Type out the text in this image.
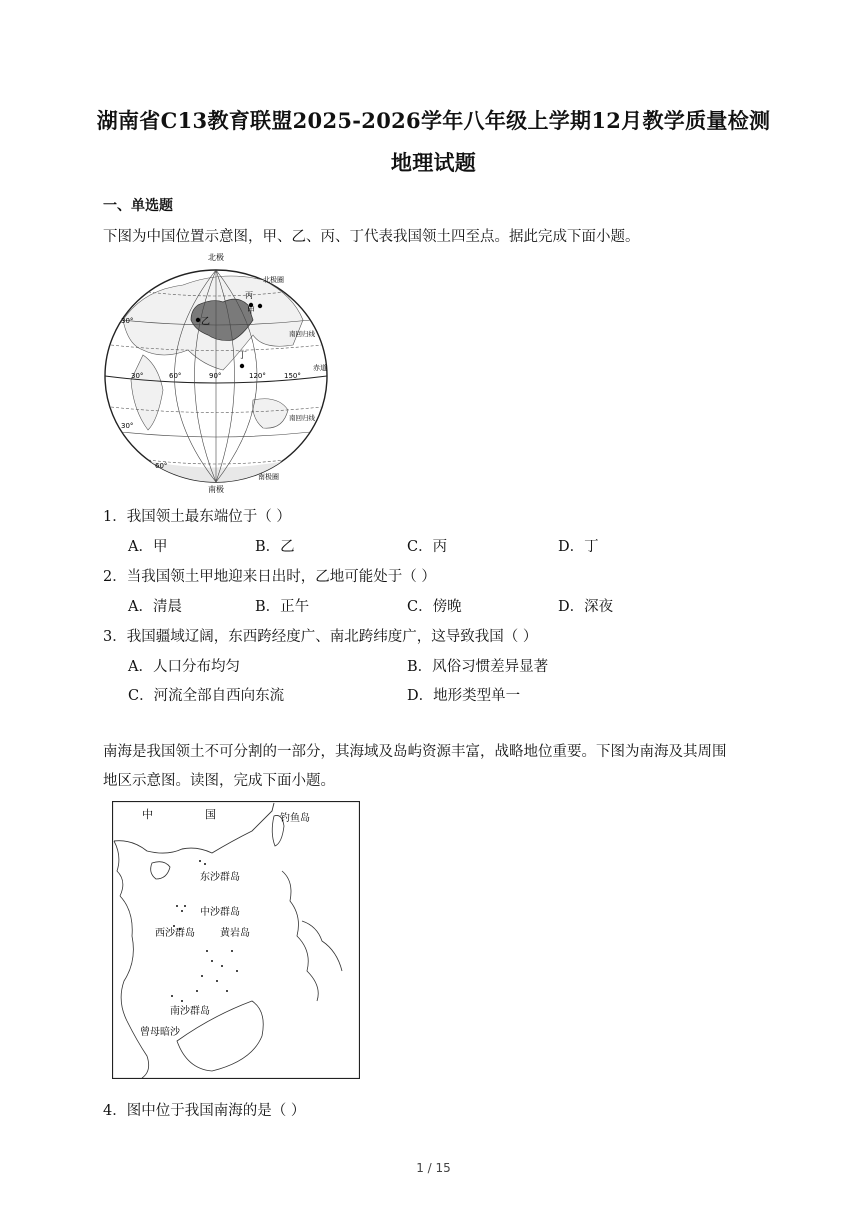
湖南省C13教育联盟2025-2026学年八年级上学期12月教学质量检测
地理试题
一、单选题
下图为中国位置示意图，甲、乙、丙、丁代表我国领土四至点。据此完成下面小题。
北极
南极
北极圈
南极圈
南回归线
赤道
南回归线
乙
甲
丙
丁
30°
30°
60°
30°	60°	90°	120°	150°
1．我国领土最东端位于（ ）
A．甲	B．乙	C．丙	D．丁
2．当我国领土甲地迎来日出时，乙地可能处于（ ）
A．清晨	B．正午	C．傍晚	D．深夜
3．我国疆域辽阔，东西跨经度广、南北跨纬度广，这导致我国（ ）
A．人口分布均匀	B．风俗习惯差异显著
C．河流全部自西向东流	D．地形类型单一
南海是我国领土不可分割的一部分，其海域及岛屿资源丰富，战略地位重要。下图为南海及其周围
地区示意图。读图，完成下面小题。
中	国	钓鱼岛
东沙群岛
中沙群岛
西沙群岛	黄岩岛
南沙群岛
曾母暗沙
4．图中位于我国南海的是（ ）
1 / 15
